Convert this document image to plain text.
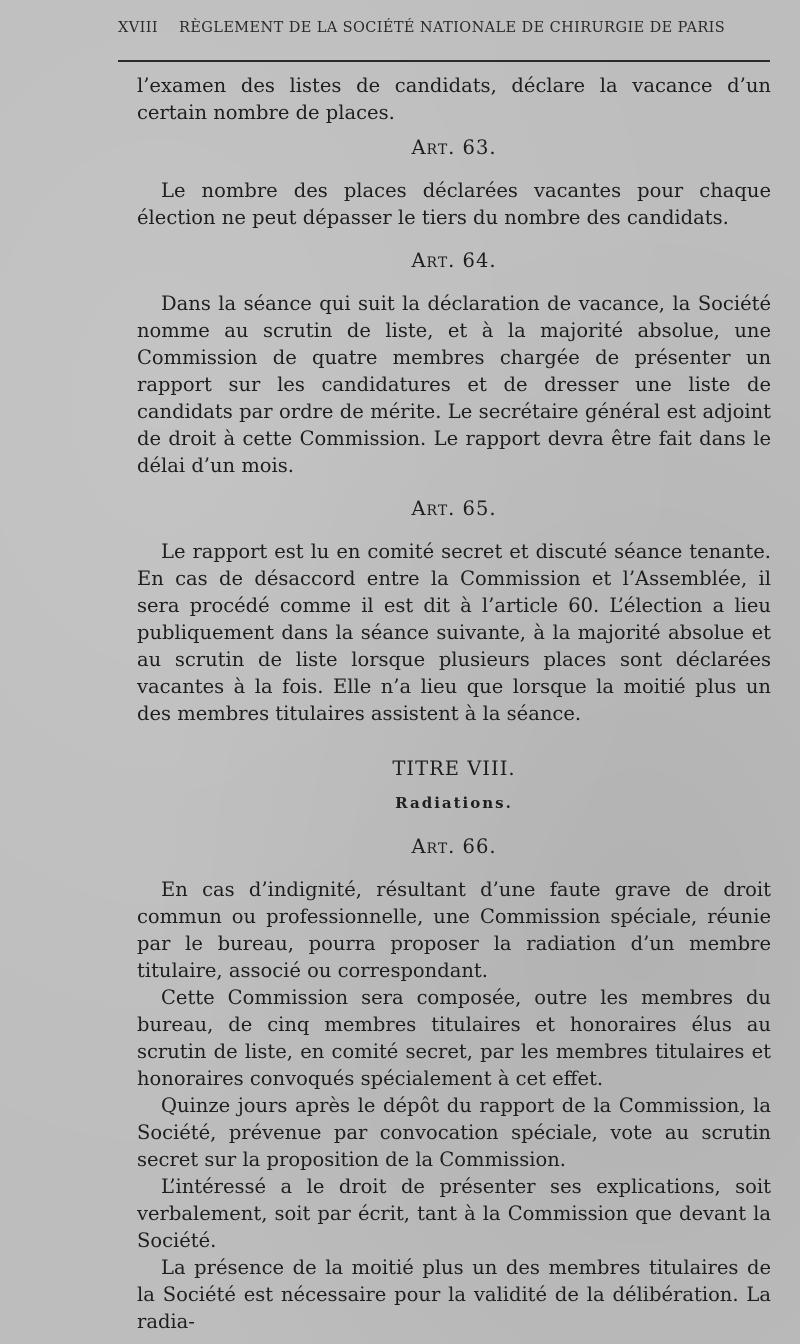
XVIII RÈGLEMENT DE LA SOCIÉTÉ NATIONALE DE CHIRURGIE DE PARIS

l’examen des listes de candidats, déclare la vacance d’un certain nombre de places.

Art. 63.

Le nombre des places déclarées vacantes pour chaque élection ne peut dépasser le tiers du nombre des candidats.

Art. 64.

Dans la séance qui suit la déclaration de vacance, la Société nomme au scrutin de liste, et à la majorité absolue, une Commission de quatre membres chargée de présenter un rapport sur les candidatures et de dresser une liste de candidats par ordre de mérite. Le secrétaire général est adjoint de droit à cette Commission. Le rapport devra être fait dans le délai d’un mois.

Art. 65.

Le rapport est lu en comité secret et discuté séance tenante. En cas de désaccord entre la Commission et l’Assemblée, il sera procédé comme il est dit à l’article 60. L’élection a lieu publiquement dans la séance suivante, à la majorité absolue et au scrutin de liste lorsque plusieurs places sont déclarées vacantes à la fois. Elle n’a lieu que lorsque la moitié plus un des membres titulaires assistent à la séance.

TITRE VIII.
Radiations.
Art. 66.

En cas d’indignité, résultant d’une faute grave de droit commun ou professionnelle, une Commission spéciale, réunie par le bureau, pourra proposer la radiation d’un membre titulaire, associé ou correspondant.

Cette Commission sera composée, outre les membres du bureau, de cinq membres titulaires et honoraires élus au scrutin de liste, en comité secret, par les membres titulaires et honoraires convoqués spécialement à cet effet.

Quinze jours après le dépôt du rapport de la Commission, la Société, prévenue par convocation spéciale, vote au scrutin secret sur la proposition de la Commission.

L’intéressé a le droit de présenter ses explications, soit verbalement, soit par écrit, tant à la Commission que devant la Société.

La présence de la moitié plus un des membres titulaires de la Société est nécessaire pour la validité de la délibération. La radia-
